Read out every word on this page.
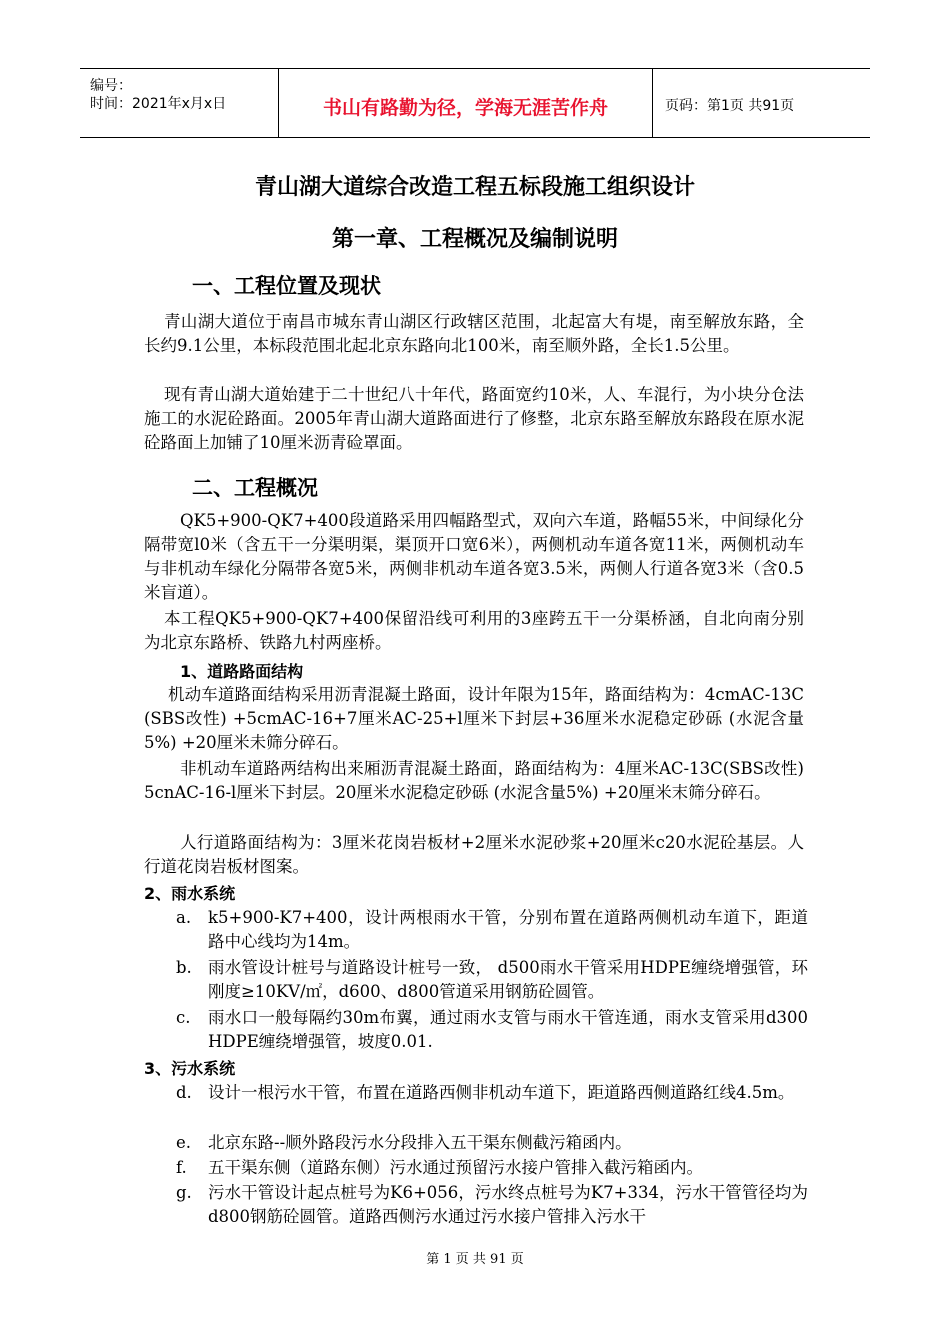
编号：
时间：2021年x月x日	书山有路勤为径，学海无涯苦作舟	页码：第1页 共91页
青山湖大道综合改造工程五标段施工组织设计
第一章、工程概况及编制说明
一、工程位置及现状
青山湖大道位于南昌市城东青山湖区行政辖区范围，北起富大有堤，南至解放东路，全长约9.1公里，本标段范围北起北京东路向北100米，南至顺外路，全长1.5公里。
现有青山湖大道始建于二十世纪八十年代，路面宽约10米，人、车混行，为小块分仓法施工的水泥砼路面。2005年青山湖大道路面进行了修整，北京东路至解放东路段在原水泥砼路面上加铺了10厘米沥青硷罩面。
二、工程概况
QK5+900-QK7+400段道路采用四幅路型式，双向六车道，路幅55米，中间绿化分隔带宽l0米（含五干一分渠明渠，渠顶开口宽6米），两侧机动车道各宽11米，两侧机动车与非机动车绿化分隔带各宽5米，两侧非机动车道各宽3.5米，两侧人行道各宽3米（含0.5米盲道）。
本工程QK5+900-QK7+400保留沿线可利用的3座跨五干一分渠桥涵，自北向南分别为北京东路桥、铁路九村两座桥。
1、道路路面结构
机动车道路面结构采用沥青混凝土路面，设计年限为15年，路面结构为：4cmAC-13C (SBS改性) +5cmAC-16+7厘米AC-25+l厘米下封层+36厘米水泥稳定砂砾 (水泥含量5%) +20厘米未筛分碎石。
非机动车道路两结构出来厢沥青混凝土路面，路面结构为：4厘米AC-13C(SBS改性) 5cnAC-16-l厘米下封层。20厘米水泥稳定砂砾 (水泥含量5%) +20厘米末筛分碎石。
人行道路面结构为：3厘米花岗岩板材+2厘米水泥砂浆+20厘米c20水泥砼基层。人行道花岗岩板材图案。
2、雨水系统
a. k5+900-K7+400，设计两根雨水干管，分别布置在道路两侧机动车道下，距道路中心线均为14m。
b. 雨水管设计桩号与道路设计桩号一致， d500雨水干管采用HDPE缠绕增强管，环刚度≥10KV/㎡，d600、d800管道采用钢筋砼圆管。
c. 雨水口一般每隔约30m布翼，通过雨水支管与雨水干管连通，雨水支管采用d300 HDPE缠绕增强管，坡度0.01.
3、污水系统
d. 设计一根污水干管，布置在道路西侧非机动车道下，距道路西侧道路红线4.5m。
e. 北京东路--顺外路段污水分段排入五干渠东侧截污箱函内。
f. 五干渠东侧（道路东侧）污水通过预留污水接户管排入截污箱函内。
g. 污水干管设计起点桩号为K6+056，污水终点桩号为K7+334，污水干管管径均为d800钢筋砼圆管。道路西侧污水通过污水接户管排入污水干
第 1 页 共 91 页
